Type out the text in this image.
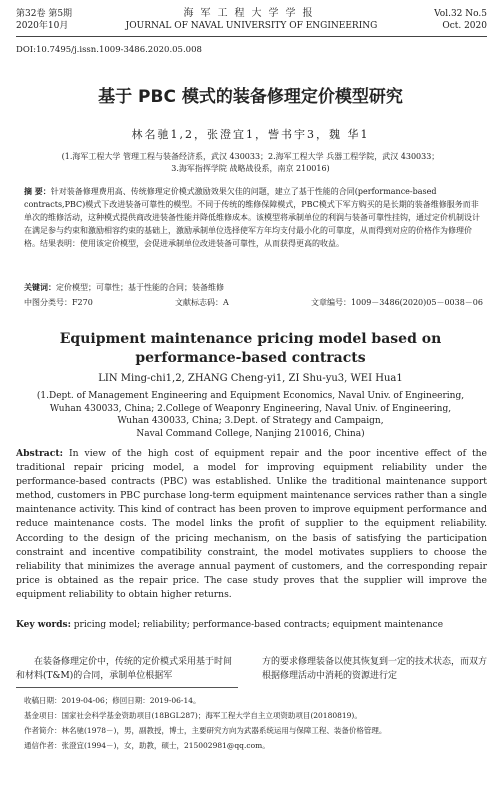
第32卷 第5期
2020年10月
海军工程大学学报
JOURNAL OF NAVAL UNIVERSITY OF ENGINEERING
Vol.32 No.5
Oct. 2020
DOI:10.7495/j.issn.1009-3486.2020.05.008
基于 PBC 模式的装备修理定价模型研究
林名驰1,2，张澄宜1，訾书宇3，魏 华1
(1.海军工程大学 管理工程与装备经济系，武汉 430033；2.海军工程大学 兵器工程学院，武汉 430033；
3.海军指挥学院 战略战役系，南京 210016)
摘 要：针对装备修理费用高、传统修理定价模式激励效果欠佳的问题，建立了基于性能的合同(performance-based contracts,PBC)模式下改进装备可靠性的模型。不同于传统的维修保障模式，PBC模式下军方购买的是长期的装备维修服务而非单次的维修活动，这种模式提供商改进装备性能并降低维修成本。该模型将承制单位的利润与装备可靠性挂钩，通过定价机制设计在满足参与约束和激励相容约束的基础上，激励承制单位选择使军方年均支付最小化的可靠度，从而得到对应的价格作为修理价格。结果表明：使用该定价模型，会促进承制单位改进装备可靠性，从而获得更高的收益。
关键词：定价模型；可靠性；基于性能的合同；装备维修
中图分类号：F270	文献标志码：A	文章编号：1009－3486(2020)05－0038－06
Equipment maintenance pricing model based on
performance-based contracts
LIN Ming-chi1,2, ZHANG Cheng-yi1, ZI Shu-yu3, WEI Hua1
(1.Dept. of Management Engineering and Equipment Economics, Naval Univ. of Engineering,
Wuhan 430033, China; 2.College of Weaponry Engineering, Naval Univ. of Engineering,
Wuhan 430033, China; 3.Dept. of Strategy and Campaign,
Naval Command College, Nanjing 210016, China)
Abstract: In view of the high cost of equipment repair and the poor incentive effect of the traditional repair pricing model, a model for improving equipment reliability under the performance-based contracts (PBC) was established. Unlike the traditional maintenance support method, customers in PBC purchase long-term equipment maintenance services rather than a single maintenance activity. This kind of contract has been proven to improve equipment performance and reduce maintenance costs. The model links the profit of supplier to the equipment reliability. According to the design of the pricing mechanism, on the basis of satisfying the participation constraint and incentive compatibility constraint, the model motivates suppliers to choose the reliability that minimizes the average annual payment of customers, and the corresponding repair price is obtained as the repair price. The case study proves that the supplier will improve the equipment reliability to obtain higher returns.
Key words: pricing model; reliability; performance-based contracts; equipment maintenance
在装备修理定价中，传统的定价模式采用基于时间和材料(T&M)的合同，承制单位根据军
方的要求修理装备以使其恢复到一定的技术状态，而双方根据修理活动中消耗的资源进行定
收稿日期：2019-04-06；修回日期：2019-06-14。
基金项目：国家社会科学基金资助项目(18BGL287)；海军工程大学自主立项资助项目(20180819)。
作者简介：林名驰(1978－)，男，副教授，博士，主要研究方向为武器系统运用与保障工程、装备价格管理。
通信作者：张澄宜(1994－)，女，助教，硕士，215002981@qq.com。
